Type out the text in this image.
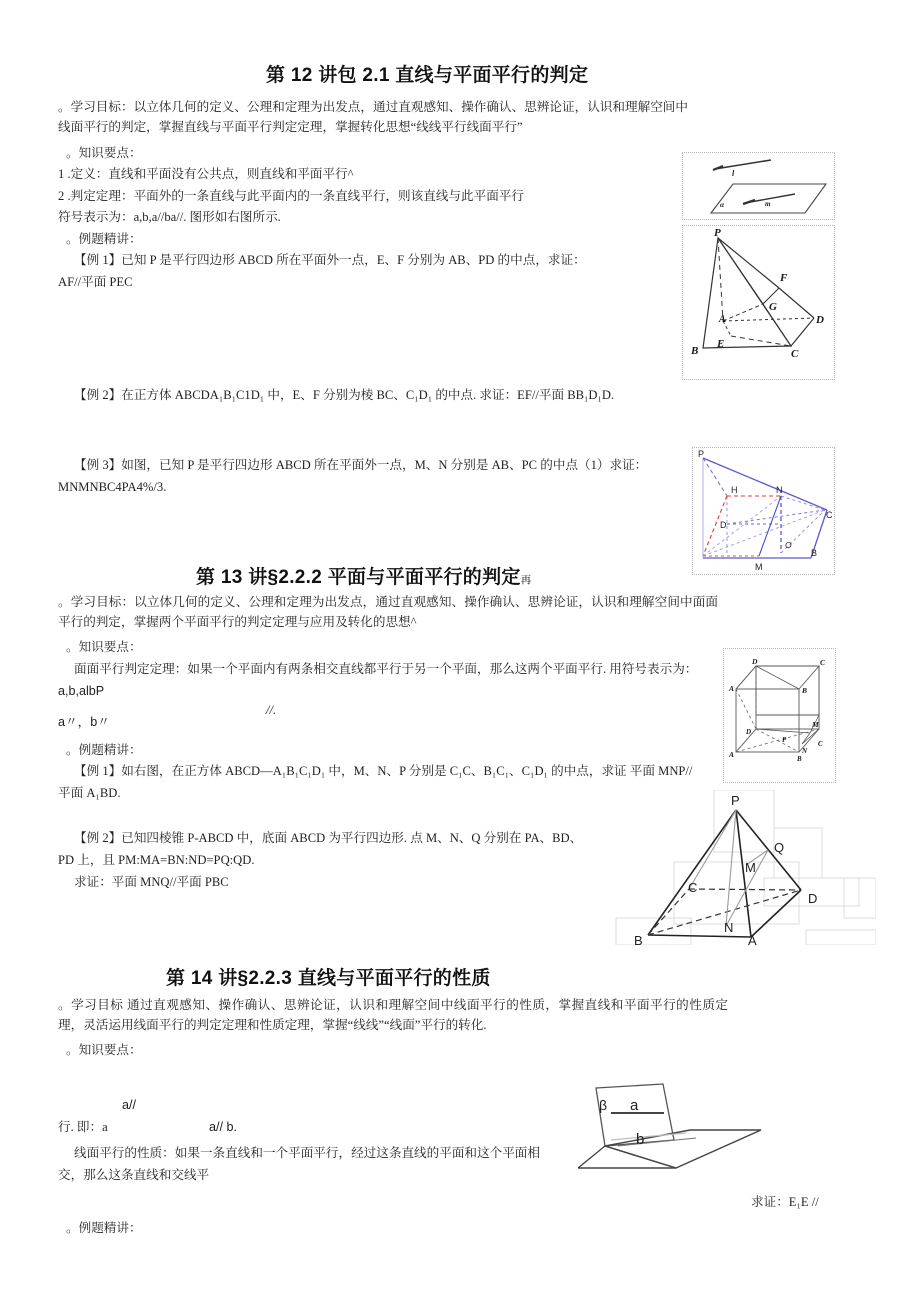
第 12 讲包 2.1 直线与平面平行的判定
。学习目标：以立体几何的定义、公理和定理为出发点，通过直观感知、操作确认、思辨论证，认识和理解空间中线面平行的判定，掌握直线与平面平行判定定理，掌握转化思想“线线平行线面平行”
。知识要点：
1 .定义：直线和平面没有公共点，则直线和平面平行^
2 .判定定理：平面外的一条直线与此平面内的一条直线平行，则该直线与此平面平行
符号表示为：a,b,a//ba//. 图形如右图所示.
。例题精讲：
【例 1】已知 P 是平行四边形 ABCD 所在平面外一点，E、F 分别为 AB、PD 的中点，求证：
AF//平面 PEC
【例 2】在正方体 ABCDA₁B₁C1D₁ 中，E、F 分别为棱 BC、C₁D₁ 的中点. 求证：EF//平面 BB₁D₁D.
【例 3】如图，已知 P 是平行四边形 ABCD 所在平面外一点，M、N 分别是 AB、PC 的中点（1）求证：
MNMNBC4PA4%/3.
l
m
α
P
F
G
A	D
B
E
C
P
H	N
D
C
O
M
B
第 13 讲§2.2.2 平面与平面平行的判定再
。学习目标：以立体几何的定义、公理和定理为出发点，通过直观感知、操作确认、思辨论证，认识和理解空间中面面平行的判定，掌握两个平面平行的判定定理与应用及转化的思想^
。知识要点：
面面平行判定定理：如果一个平面内有两条相交直线都平行于另一个平面，那么这两个平面平行. 用符号表示为：
a,b,albP
//.
a〃，b〃
。例题精讲：
【例 1】如右图，在正方体 ABCD—A₁B₁C₁D₁ 中，M、N、P 分别是 C₁C、B₁C₁、C₁D₁ 的中点，求证 平面 MNP//
平面 A₁BD.
【例 2】已知四棱锥 P-ABCD 中，底面 ABCD 为平行四边形. 点 M、N、Q 分别在 PA、BD、
PD 上，且 PM:MA=BN:ND=PQ:QD.
求证：平面 MNQ//平面 PBC
D	C
A	B
M
D
P	C
N
A	B
P
Q
M
C
D
N
B	A
第 14 讲§2.2.3 直线与平面平行的性质
。学习目标 通过直观感知、操作确认、思辨论证，认识和理解空间中线面平行的性质，掌握直线和平面平行的性质定理，灵活运用线面平行的判定定理和性质定理，掌握“线线”“线面”平行的转化.
。知识要点：
a//
行. 即：a	a// b.
线面平行的性质：如果一条直线和一个平面平行，经过这条直线的平面和这个平面相
交，那么这条直线和交线平
求证：E₁E //
。例题精讲：
β a
b
